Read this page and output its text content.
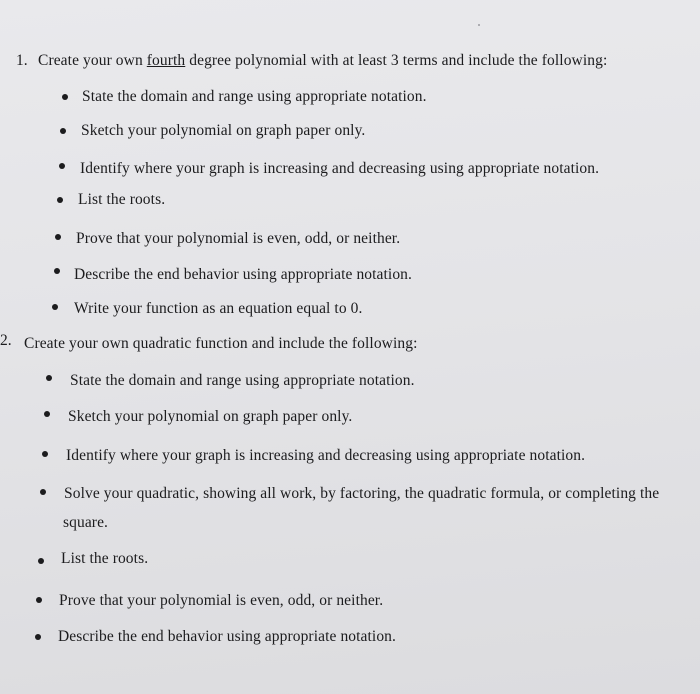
1. Create your own fourth degree polynomial with at least 3 terms and include the following:
State the domain and range using appropriate notation.
Sketch your polynomial on graph paper only.
Identify where your graph is increasing and decreasing using appropriate notation.
List the roots.
Prove that your polynomial is even, odd, or neither.
Describe the end behavior using appropriate notation.
Write your function as an equation equal to 0.
2. Create your own quadratic function and include the following:
State the domain and range using appropriate notation.
Sketch your polynomial on graph paper only.
Identify where your graph is increasing and decreasing using appropriate notation.
Solve your quadratic, showing all work, by factoring, the quadratic formula, or completing the
square.
List the roots.
Prove that your polynomial is even, odd, or neither.
Describe the end behavior using appropriate notation.
